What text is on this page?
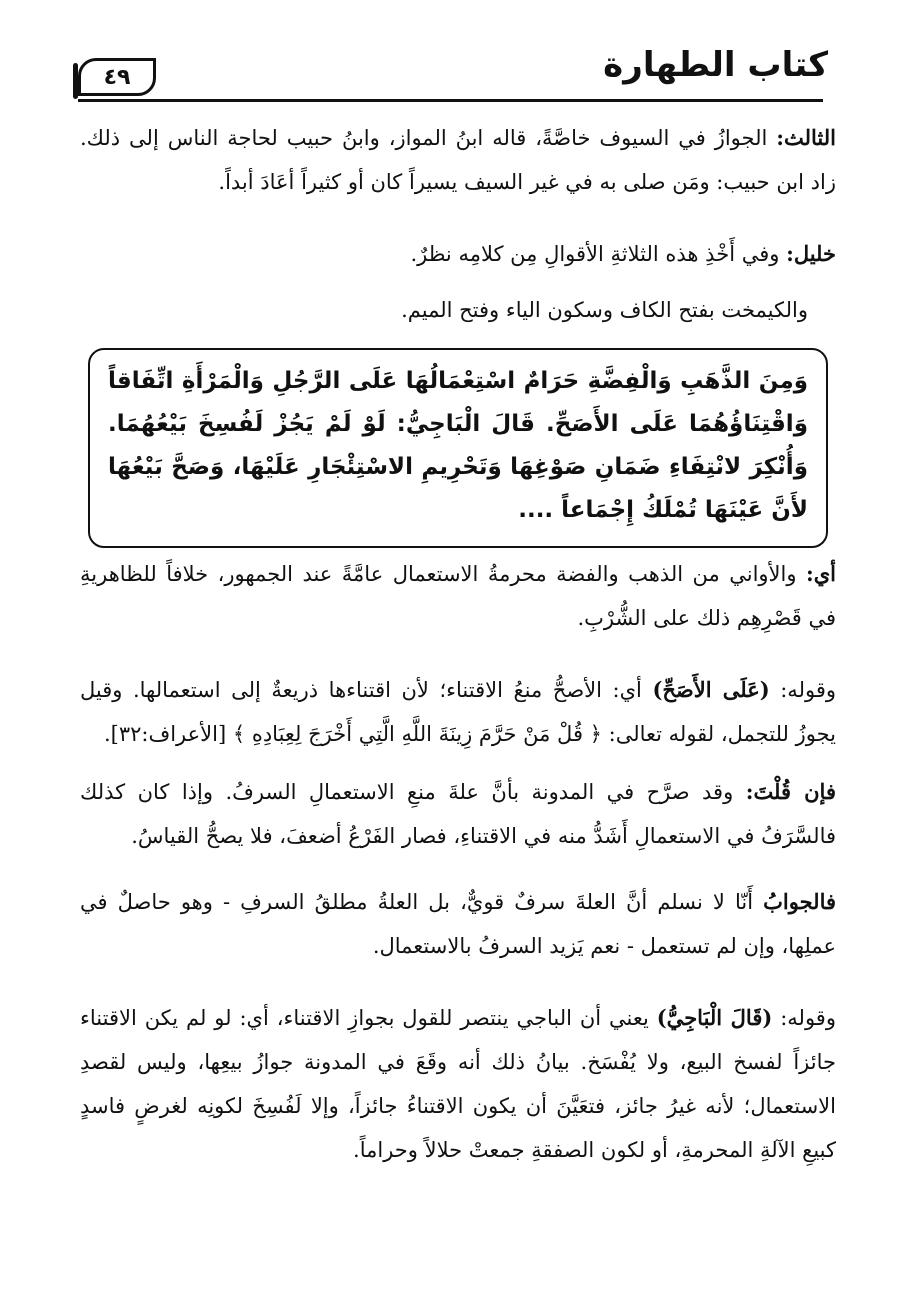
كتاب الطهارة
٤٩
الثالث: الجوازُ في السيوف خاصَّةً، قاله ابنُ المواز، وابنُ حبيب لحاجة الناس إلى ذلك. زاد ابن حبيب: ومَن صلى به في غير السيف يسيراً كان أو كثيراً أعَادَ أبداً.
خليل: وفي أَخْذِ هذه الثلاثةِ الأقوالِ مِن كلامِه نظرٌ.
والكيمخت بفتح الكاف وسكون الياء وفتح الميم.
وَمِنَ الذَّهَبِ وَالْفِضَّةِ حَرَامٌ اسْتِعْمَالُهَا عَلَى الرَّجُلِ وَالْمَرْأَةِ اتِّفَاقاً وَاقْتِنَاؤُهُمَا عَلَى الأَصَحِّ. قَالَ الْبَاجِيُّ: لَوْ لَمْ يَجُزْ لَفُسِخَ بَيْعُهُمَا. وَأُنْكِرَ لانْتِفَاءِ ضَمَانِ صَوْغِهَا وَتَحْرِيمِ الاسْتِئْجَارِ عَلَيْهَا، وَصَحَّ بَيْعُهَا لأَنَّ عَيْنَهَا تُمْلَكُ إِجْمَاعاً ....
أي: والأواني من الذهب والفضة محرمةُ الاستعمال عامَّةً عند الجمهور، خلافاً للظاهريةِ في قَصْرِهِم ذلك على الشُّرْبِ.
وقوله: (عَلَى الأَصَحِّ) أي: الأصحُّ منعُ الاقتناء؛ لأن اقتناءها ذريعةٌ إلى استعمالها. وقيل يجوزُ للتجمل، لقوله تعالى: ﴿ قُلْ مَنْ حَرَّمَ زِينَةَ اللَّهِ الَّتِي أَخْرَجَ لِعِبَادِهِ ﴾ [الأعراف:٣٢].
فإن قُلْتَ: وقد صرَّح في المدونة بأنَّ علةَ منعِ الاستعمالِ السرفُ. وإذا كان كذلك فالسَّرَفُ في الاستعمالِ أَشَدُّ منه في الاقتناءِ، فصار الفَرْعُ أضعفَ، فلا يصحُّ القياسُ.
فالجوابُ أَنّا لا نسلم أنَّ العلةَ سرفٌ قويٌّ، بل العلةُ مطلقُ السرفِ - وهو حاصلٌ في عملِها، وإن لم تستعمل - نعم يَزيد السرفُ بالاستعمال.
وقوله: (قَالَ الْبَاجِيُّ) يعني أن الباجي ينتصر للقول بجوازِ الاقتناء، أي: لو لم يكن الاقتناء جائزاً لفسخ البيع، ولا يُفْسَخ. بيانُ ذلك أنه وقَعَ في المدونة جوازُ بيعِها، وليس لقصدِ الاستعمال؛ لأنه غيرُ جائز، فتعَيَّنَ أن يكون الاقتناءُ جائزاً، وإلا لَفُسِخَ لكونِه لغرضٍ فاسدٍ كبيعِ الآلةِ المحرمةِ، أو لكون الصفقةِ جمعتْ حلالاً وحراماً.
